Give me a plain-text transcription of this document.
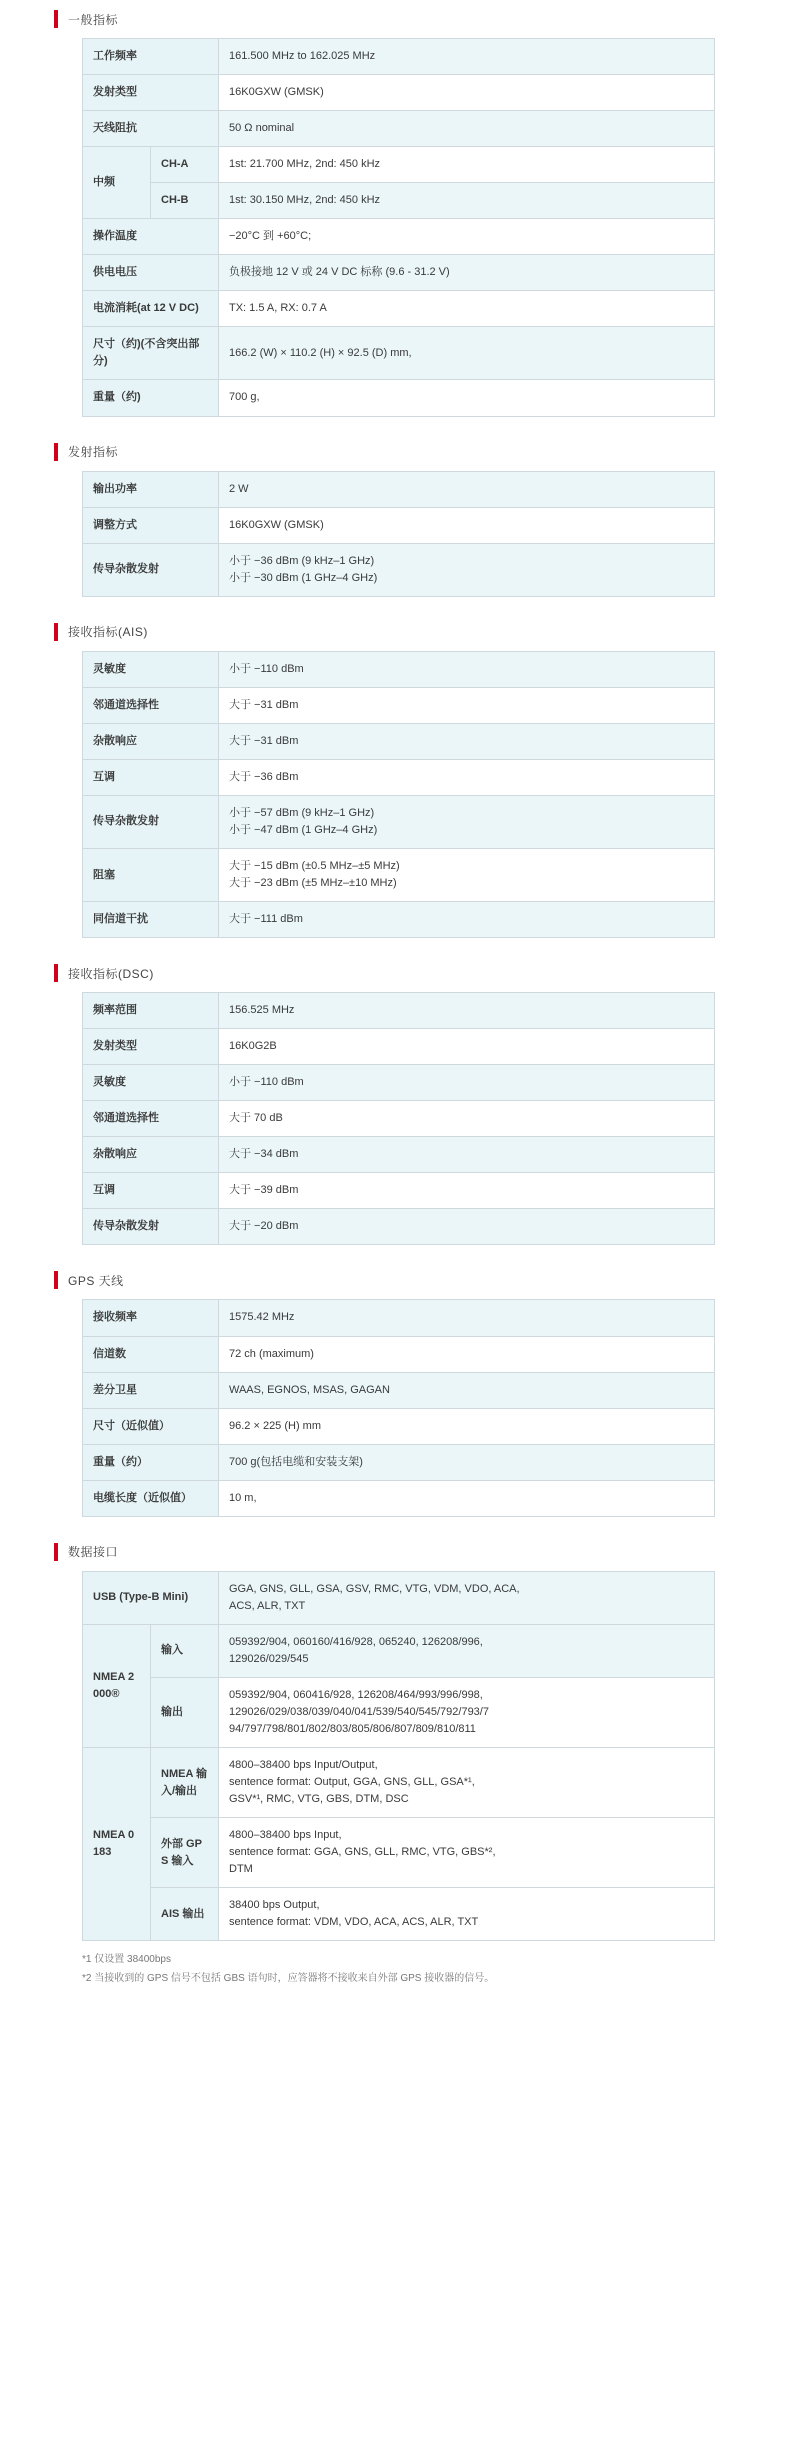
一般指标
工作频率		161.500 MHz to 162.025 MHz
发射类型		16K0GXW (GMSK)
天线阻抗		50 Ω nominal
中频	CH-A	1st: 21.700 MHz, 2nd: 450 kHz
	CH-B	1st: 30.150 MHz, 2nd: 450 kHz
操作温度		−20°C 到 +60°C;
供电电压		负极接地 12 V 或 24 V DC 标称 (9.6 - 31.2 V)
电流消耗(at 12 V DC)		TX: 1.5 A, RX: 0.7 A
尺寸（约)(不含突出部分)		166.2 (W) × 110.2 (H) × 92.5 (D) mm,
重量（约)		700 g,
发射指标
输出功率	2 W
调整方式	16K0GXW (GMSK)
传导杂散发射	小于 −36 dBm (9 kHz–1 GHz)
小于 −30 dBm (1 GHz–4 GHz)
接收指标(AIS)
灵敏度	小于 −110 dBm
邻通道选择性	大于 −31 dBm
杂散响应	大于 −31 dBm
互调	大于 −36 dBm
传导杂散发射	小于 −57 dBm (9 kHz–1 GHz)
小于 −47 dBm (1 GHz–4 GHz)

阻塞	大于 −15 dBm (±0.5 MHz–±5 MHz)
大于 −23 dBm (±5 MHz–±10 MHz)

同信道干扰	大于 −111 dBm
接收指标(DSC)
频率范围	156.525 MHz
发射类型	16K0G2B
灵敏度	小于 −110 dBm
邻通道选择性	大于 70 dB
杂散响应	大于 −34 dBm
互调	大于 −39 dBm
传导杂散发射	大于 −20 dBm
GPS 天线
接收频率	1575.42 MHz
信道数	72 ch (maximum)
差分卫星	WAAS, EGNOS, MSAS, GAGAN
尺寸（近似值）	96.2 × 225 (H) mm
重量（约）	700 g(包括电缆和安装支架)
电缆长度（近似值）	10 m,
数据接口
USB (Type-B Mini)		GGA, GNS, GLL, GSA, GSV, RMC, VTG, VDM, VDO, ACA,
ACS, ALR, TXT

NMEA 2000®	输入	059392/904, 060160/416/928, 065240, 126208/996,
129026/029/545

	输出	059392/904, 060416/928, 126208/464/993/996/998,
129026/029/038/039/040/041/539/540/545/792/793/7
94/797/798/801/802/803/805/806/807/809/810/811

NMEA 0183	NMEA 输入/输出	4800–38400 bps Input/Output,
sentence format: Output, GGA, GNS, GLL, GSA*¹,
GSV*¹, RMC, VTG, GBS, DTM, DSC

	外部 GPS 输入	4800–38400 bps Input,
sentence format: GGA, GNS, GLL, RMC, VTG, GBS*²,
DTM

	AIS 输出	38400 bps Output,
sentence format: VDM, VDO, ACA, ACS, ALR, TXT
*1 仅设置 38400bps
*2 当接收到的 GPS 信号不包括 GBS 语句时，应答器将不接收来自外部 GPS 接收器的信号。
